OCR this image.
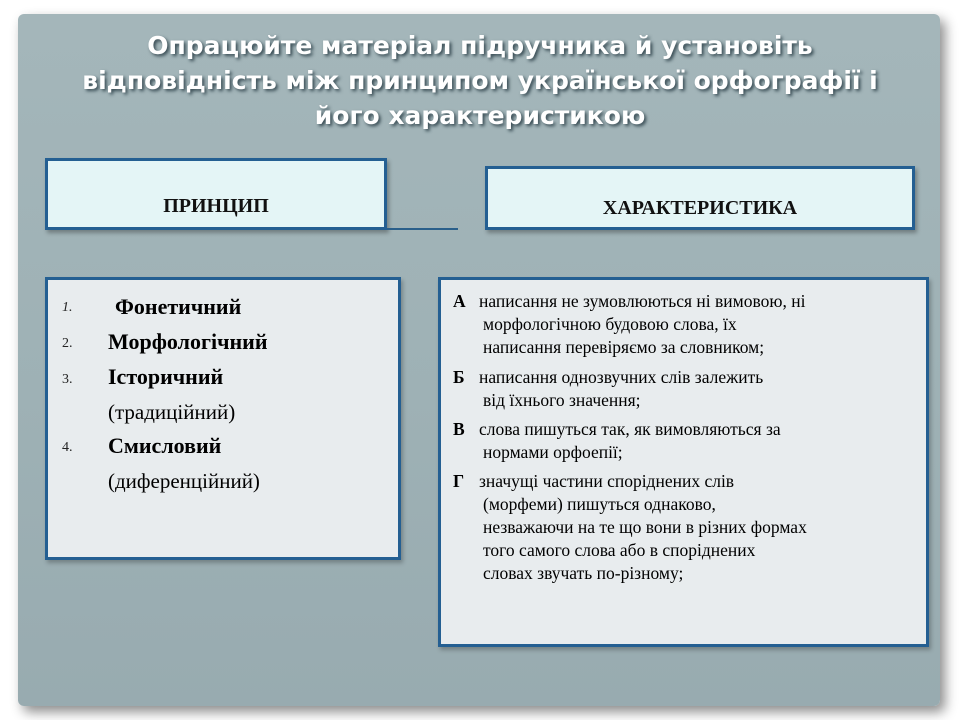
Опрацюйте матеріал підручника й установіть
відповідність між принципом української орфографії і
його характеристикою
ПРИНЦИП	ХАРАКТЕРИСТИКА
1. Фонетичний
2. Морфологічний
3. Історичний
(традиційний)
4. Смисловий
(диференційний)
А написання не зумовлюються ні вимовою, ні
морфологічною будовою слова, їх
написання перевіряємо за словником;
Б написання однозвучних слів залежить
від їхнього значення;
В слова пишуться так, як вимовляються за
нормами орфоепії;
Г значущі частини споріднених слів
(морфеми) пишуться однаково,
незважаючи на те що вони в різних формах
того самого слова або в споріднених
словах звучать по-різному;
